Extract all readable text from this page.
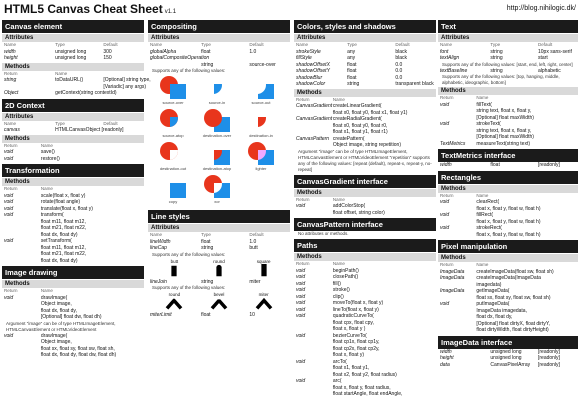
HTML5 Canvas Cheat Sheet v1.1	http://blog.nihilogic.dk/
Canvas element
Attributes
Name	Type	Default
width	unsigned long	300
height	unsigned long	150
Methods
Return	Name	
string	toDataURL()	[Optional] string type,
		[Variadic] any args)
Object	getContext(string contextId)	
2D Context
Attributes
Name	Type	Default
canvas	HTMLCanvasObject [readonly]	
Methods
Return	Name
void	save()
void	restore()
Transformation
Methods
Return	Name
void	scale(float x, float y)
void	rotate(float angle)
void	translate(float x, float y)
void	transform(
	float m11, float m12,
	float m21, float m22,
	float dx, float dy)
void	setTransform(
	float m11, float m12,
	float m21, float m22,
	float dx, float dy)
Image drawing
Methods
Return	Name
void	drawImage(
	Object image,
	float dx, float dy,
	[Optional] float dw, float dh)
Argument "image" can be of type HTMLImageElement, HTMLCanvasElement or HTMLVideoElement
void	drawImage(
	Object image,
	float sx, float sy, float sw, float sh,
	float dx, float dy, float dw, float dh)
Compositing
Attributes
Name	Type	Default
globalAlpha	float	1.0
globalCompositeOperation		
	string	source-over
Supports any of the following values:
source-over	source-in	source-out
source-atop	destination-over	destination-in
destination-out	destination-atop	lighter
copy	xor
Line styles
Attributes
Name	Type	Default
lineWidth	float	1.0
lineCap	string	butt
Supports any of the following values:
butt	round	square
lineJoin	string	miter
Supports any of the following values:
round	bevel	miter
miterLimit	float	10
Colors, styles and shadows
Attributes
Name	Type	Default
strokeStyle	any	black
fillStyle	any	black
shadowOffsetX	float	0.0
shadowOffsetY	float	0.0
shadowBlur	float	0.0
shadowColor	string	transparent black
Methods
Return	Name
CanvasGradient	createLinearGradient(
	float x0, float y0, float x1, float y1)
CanvasGradient	createRadialGradient(
	float x0, float y0, float r0,
	float x1, float y1, float r1)
CanvasPattern	createPattern(
	Object image, string repetition)
Argument "image" can be of type HTMLImageElement, HTMLCanvasElement or HTMLVideoElement "repetition" supports any of the following values: [repeat (default), repeat-x, repeat-y, no-repeat]
CanvasGradient interface
Methods
Return	Name
void	addColorStop(
	float offset, string color)
CanvasPattern interface
No attributes or methods.
Paths
Methods
Return	Name
void	beginPath()
void	closePath()
void	fill()
void	stroke()
void	clip()
void	moveTo(float x, float y)
void	lineTo(float x, float y)
void	quadraticCurveTo(
	float cpx, float cpy,
	float x, float y )
void	bezierCurveTo(
	float cp1x, float cp1y,
	float cp2x, float cp2y,
	float x, float y)
void	arcTo(
	float x1, float y1,
	float x2, float y2, float radius)
void	arc(
	float x, float y, float radius,
	float startAngle, float endAngle,
Text
Attributes
Name	Type	Default
font	string	10px sans-serif
textAlign	string	start
Supports any of the following values: [start, end, left, right, center]
textBaseline	string	alphabetic
Supports any of the following values: [top, hanging, middle, alphabetic, ideographic, bottom]
Methods
Return	Name
void	fillText(
	string text, float x, float y,
	[Optional] float maxWidth)
void	strokeText(
	string text, float x, float y,
	[Optional] float maxWidth)
TextMetrics	measureText(string text)
TextMetrics interface
width	float	[readonly]
Rectangles
Methods
Return	Name
void	clearRect(
	float x, float y, float w, float h)
void	fillRect(
	float x, float y, float w, float h)
void	strokeRect(
	float x, float y, float w, float h)
Pixel manipulation
Methods
Return	Name
ImageData	createImageData(float sw, float sh)
ImageData	createImageData(ImageData
	imagedata)
ImageData	getImageData(
	float sx, float sy, float sw, float sh)
void	putImageData(
	ImageData imagedata,
	float dx, float dy,
	[Optional] float dirtyX, float dirtyY,
	float dirtyWidth, float dirtyHeight)
ImageData interface
width	unsigned long	[readonly]
height	unsigned long	[readonly]
data	CanvasPixelArray	[readonly]
